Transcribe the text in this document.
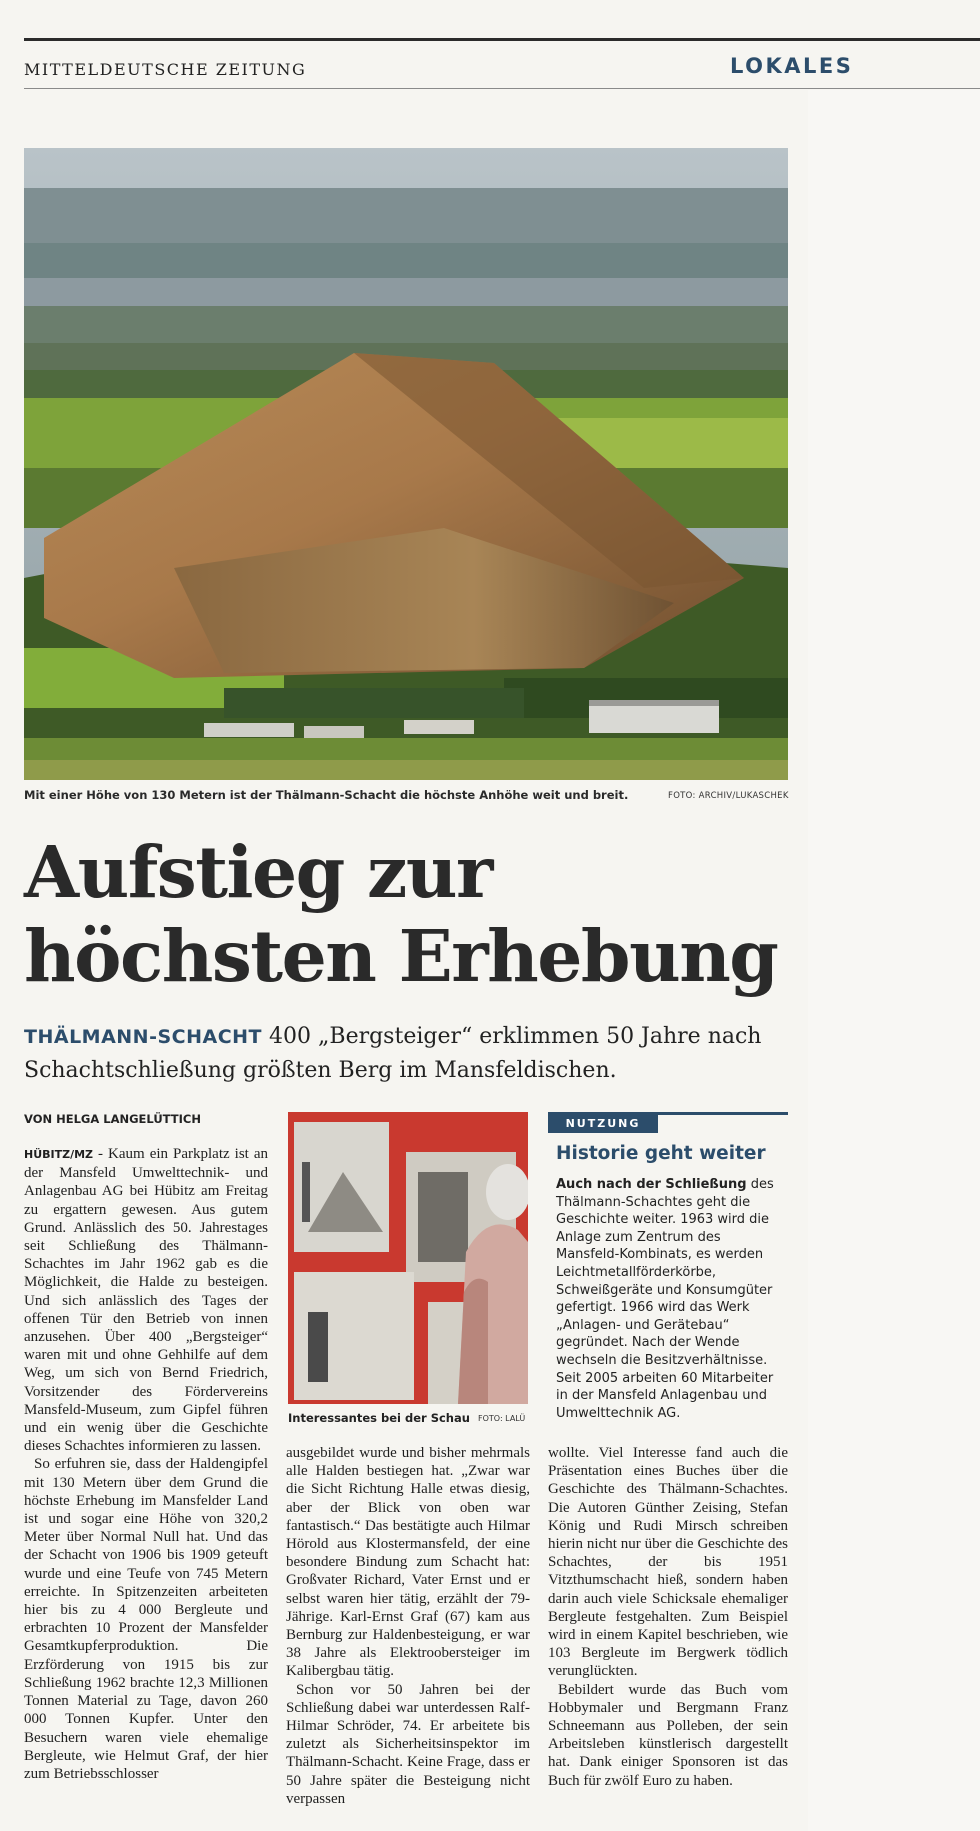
MITTELDEUTSCHE ZEITUNG	LOKALES
Mit einer Höhe von 130 Metern ist der Thälmann-Schacht die höchste Anhöhe weit und breit.	FOTO: ARCHIV/LUKASCHEK
Aufstieg zur
höchsten Erhebung
THÄLMANN-SCHACHT 400 „Bergsteiger“ erklimmen 50 Jahre nach Schachtschließung größten Berg im Mansfeldischen.
VON HELGA LANGELÜTTICH

HÜBITZ/MZ - Kaum ein Parkplatz ist an der Mansfeld Umwelttechnik- und Anlagenbau AG bei Hübitz am Freitag zu ergattern gewesen. Aus gutem Grund. Anlässlich des 50. Jahrestages seit Schließung des Thälmann-Schachtes im Jahr 1962 gab es die Möglichkeit, die Halde zu besteigen. Und sich anlässlich des Tages der offenen Tür den Betrieb von innen anzusehen. Über 400 „Bergsteiger“ waren mit und ohne Gehhilfe auf dem Weg, um sich von Bernd Friedrich, Vorsitzender des Fördervereins Mansfeld-Museum, zum Gipfel führen und ein wenig über die Geschichte dieses Schachtes informieren zu lassen.

So erfuhren sie, dass der Haldengipfel mit 130 Metern über dem Grund die höchste Erhebung im Mansfelder Land ist und sogar eine Höhe von 320,2 Meter über Normal Null hat. Und das der Schacht von 1906 bis 1909 geteuft wurde und eine Teufe von 745 Metern erreichte. In Spitzenzeiten arbeiteten hier bis zu 4 000 Bergleute und erbrachten 10 Prozent der Mansfelder Gesamtkupferproduktion. Die Erzförderung von 1915 bis zur Schließung 1962 brachte 12,3 Millionen Tonnen Material zu Tage, davon 260 000 Tonnen Kupfer. Unter den Besuchern waren viele ehemalige Bergleute, wie Helmut Graf, der hier zum Betriebsschlosser

Interessantes bei der Schau FOTO: LALÜ

ausgebildet wurde und bisher mehrmals alle Halden bestiegen hat. „Zwar war die Sicht Richtung Halle etwas diesig, aber der Blick von oben war fantastisch.“ Das bestätigte auch Hilmar Hörold aus Klostermansfeld, der eine besondere Bindung zum Schacht hat: Großvater Richard, Vater Ernst und er selbst waren hier tätig, erzählt der 79-Jährige. Karl-Ernst Graf (67) kam aus Bernburg zur Haldenbesteigung, er war 38 Jahre als Elektroobersteiger im Kalibergbau tätig.

Schon vor 50 Jahren bei der Schließung dabei war unterdessen Ralf-Hilmar Schröder, 74. Er arbeitete bis zuletzt als Sicherheitsinspektor im Thälmann-Schacht. Keine Frage, dass er 50 Jahre später die Besteigung nicht verpassen

NUTZUNG
Historie geht weiter
Auch nach der Schließung des Thälmann-Schachtes geht die Geschichte weiter. 1963 wird die Anlage zum Zentrum des Mansfeld-Kombinats, es werden Leichtmetallförderkörbe, Schweißgeräte und Konsumgüter gefertigt. 1966 wird das Werk „Anlagen- und Gerätebau“ gegründet. Nach der Wende wechseln die Besitzverhältnisse. Seit 2005 arbeiten 60 Mitarbeiter in der Mansfeld Anlagenbau und Umwelttechnik AG.

wollte. Viel Interesse fand auch die Präsentation eines Buches über die Geschichte des Thälmann-Schachtes. Die Autoren Günther Zeising, Stefan König und Rudi Mirsch schreiben hierin nicht nur über die Geschichte des Schachtes, der bis 1951 Vitzthumschacht hieß, sondern haben darin auch viele Schicksale ehemaliger Bergleute festgehalten. Zum Beispiel wird in einem Kapitel beschrieben, wie 103 Bergleute im Bergwerk tödlich verunglückten.

Bebildert wurde das Buch vom Hobbymaler und Bergmann Franz Schneemann aus Polleben, der sein Arbeitsleben künstlerisch dargestellt hat. Dank einiger Sponsoren ist das Buch für zwölf Euro zu haben.
